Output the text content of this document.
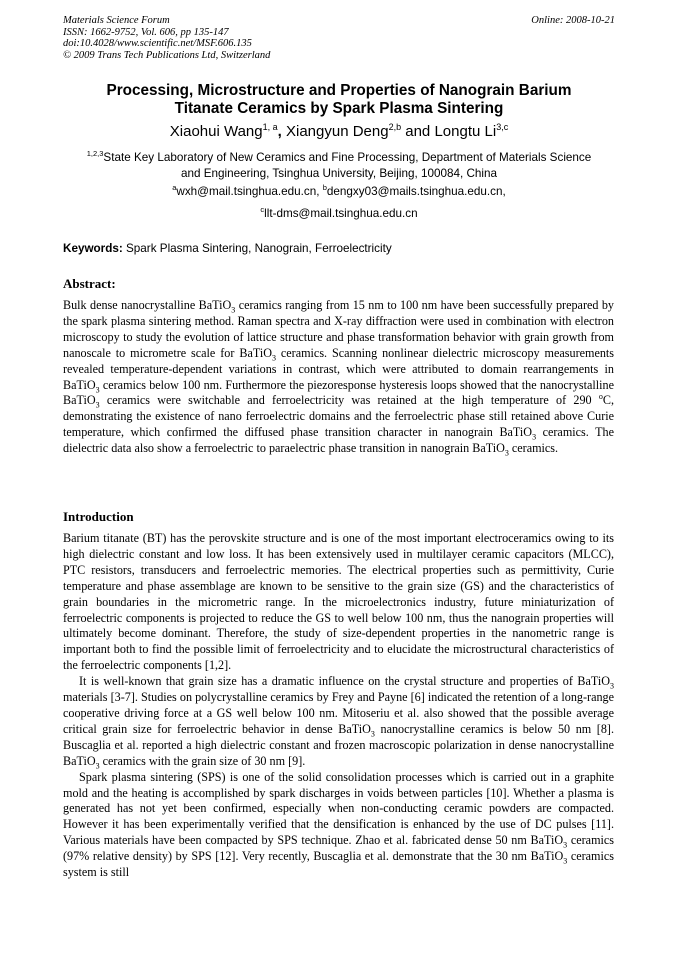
Materials Science Forum
ISSN: 1662-9752, Vol. 606, pp 135-147
doi:10.4028/www.scientific.net/MSF.606.135
© 2009 Trans Tech Publications Ltd, Switzerland
Online: 2008-10-21
Processing, Microstructure and Properties of Nanograin Barium
Titanate Ceramics by Spark Plasma Sintering
Xiaohui Wang$^{1, a}$, Xiangyun Deng$^{2,b}$ and Longtu Li$^{3,c}$
$^{1,2,3}$State Key Laboratory of New Ceramics and Fine Processing, Department of Materials Science
and Engineering, Tsinghua University, Beijing, 100084, China
$^a$wxh@mail.tsinghua.edu.cn, $^b$dengxy03@mails.tsinghua.edu.cn,
$^c$llt-dms@mail.tsinghua.edu.cn
Keywords: Spark Plasma Sintering, Nanograin, Ferroelectricity
Abstract:

Bulk dense nanocrystalline BaTiO$_3$ ceramics ranging from 15 nm to 100 nm have been successfully prepared by the spark plasma sintering method. Raman spectra and X-ray diffraction were used in combination with electron microscopy to study the evolution of lattice structure and phase transformation behavior with grain growth from nanoscale to micrometre scale for BaTiO$_3$ ceramics. Scanning nonlinear dielectric microscopy measurements revealed temperature-dependent variations in contrast, which were attributed to domain rearrangements in BaTiO$_3$ ceramics below 100 nm. Furthermore the piezoresponse hysteresis loops showed that the nanocrystalline BaTiO$_3$ ceramics were switchable and ferroelectricity was retained at the high temperature of 290 $^o$C, demonstrating the existence of nano ferroelectric domains and the ferroelectric phase still retained above Curie temperature, which confirmed the diffused phase transition character in nanograin BaTiO$_3$ ceramics. The dielectric data also show a ferroelectric to paraelectric phase transition in nanograin BaTiO$_3$ ceramics.

Introduction

Barium titanate (BT) has the perovskite structure and is one of the most important electroceramics owing to its high dielectric constant and low loss. It has been extensively used in multilayer ceramic capacitors (MLCC), PTC resistors, transducers and ferroelectric memories. The electrical properties such as permittivity, Curie temperature and phase assemblage are known to be sensitive to the grain size (GS) and the characteristics of grain boundaries in the micrometric range. In the microelectronics industry, future miniaturization of ferroelectric components is projected to reduce the GS to well below 100 nm, thus the nanograin properties will ultimately become dominant. Therefore, the study of size-dependent properties in the nanometric range is important both to find the possible limit of ferroelectricity and to elucidate the microstructural characteristics of the ferroelectric components [1,2].

It is well-known that grain size has a dramatic influence on the crystal structure and properties of BaTiO$_3$ materials [3-7]. Studies on polycrystalline ceramics by Frey and Payne [6] indicated the retention of a long-range cooperative driving force at a GS well below 100 nm. Mitoseriu et al. also showed that the possible average critical grain size for ferroelectric behavior in dense BaTiO$_3$ nanocrystalline ceramics is below 50 nm [8]. Buscaglia et al. reported a high dielectric constant and frozen macroscopic polarization in dense nanocrystalline BaTiO$_3$ ceramics with the grain size of 30 nm [9].

Spark plasma sintering (SPS) is one of the solid consolidation processes which is carried out in a graphite mold and the heating is accomplished by spark discharges in voids between particles [10]. Whether a plasma is generated has not yet been confirmed, especially when non-conducting ceramic powders are compacted. However it has been experimentally verified that the densification is enhanced by the use of DC pulses [11]. Various materials have been compacted by SPS technique. Zhao et al. fabricated dense 50 nm BaTiO$_3$ ceramics (97% relative density) by SPS [12]. Very recently, Buscaglia et al. demonstrate that the 30 nm BaTiO$_3$ ceramics system is still
